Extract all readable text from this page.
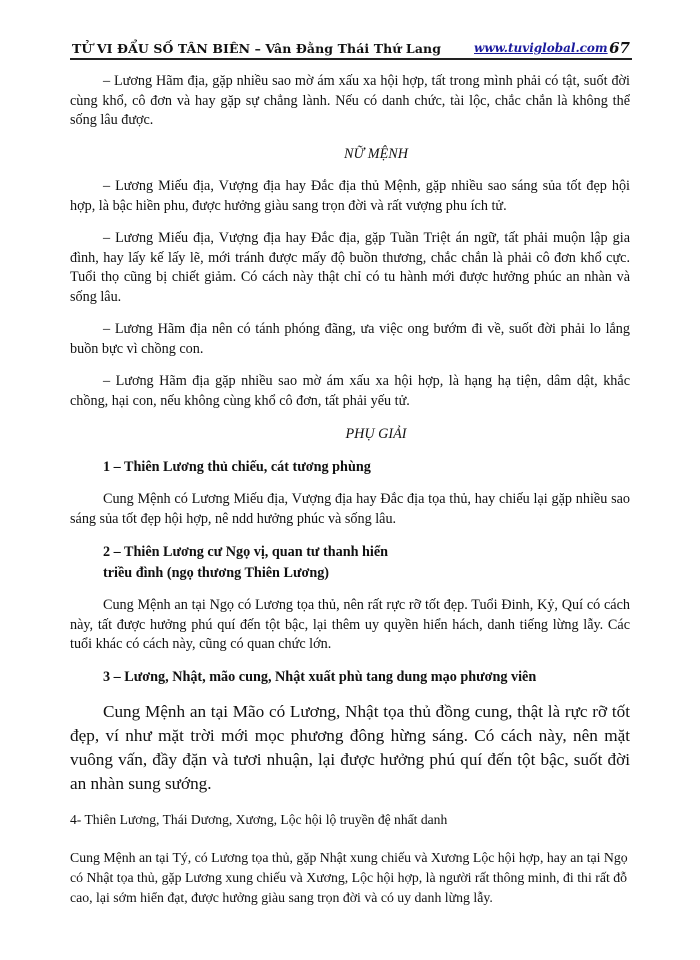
TỬ VI ĐẨU SỐ TÂN BIÊN – Vân Đằng Thái Thứ Lang	www.tuviglobal.com 67

– Lương Hãm địa, gặp nhiều sao mờ ám xấu xa hội hợp, tất trong mình phải có tật, suốt đời cùng khổ, cô đơn và hay gặp sự chẳng lành. Nếu có danh chức, tài lộc, chắc chắn là không thể sống lâu được.

NỮ MỆNH

– Lương Miếu địa, Vượng địa hay Đắc địa thủ Mệnh, gặp nhiều sao sáng sủa tốt đẹp hội hợp, là bậc hiền phu, được hưởng giàu sang trọn đời và rất vượng phu ích tử.

– Lương Miếu địa, Vượng địa hay Đắc địa, gặp Tuần Triệt án ngữ, tất phải muộn lập gia đình, hay lấy kế lấy lẽ, mới tránh được mấy độ buồn thương, chắc chắn là phải cô đơn khổ cực. Tuổi thọ cũng bị chiết giảm. Có cách này thật chỉ có tu hành mới được hưởng phúc an nhàn và sống lâu.

– Lương Hãm địa nên có tánh phóng đãng, ưa việc ong bướm đi về, suốt đời phải lo lắng buồn bực vì chồng con.

– Lương Hãm địa gặp nhiều sao mờ ám xấu xa hội hợp, là hạng hạ tiện, dâm dật, khắc chồng, hại con, nếu không cùng khổ cô đơn, tất phải yếu tử.

PHỤ GIẢI

1 – Thiên Lương thủ chiếu, cát tương phùng

Cung Mệnh có Lương Miếu địa, Vượng địa hay Đắc địa tọa thủ, hay chiếu lại gặp nhiều sao sáng sủa tốt đẹp hội hợp, nê ndd hưởng phúc và sống lâu.

2 – Thiên Lương cư Ngọ vị, quan tư thanh hiển
triều đình (ngọ thương Thiên Lương)

Cung Mệnh an tại Ngọ có Lương tọa thủ, nên rất rực rỡ tốt đẹp. Tuổi Đinh, Kỷ, Quí có cách này, tất được hưởng phú quí đến tột bậc, lại thêm uy quyền hiển hách, danh tiếng lừng lẫy. Các tuổi khác có cách này, cũng có quan chức lớn.

3 – Lương, Nhật, mão cung, Nhật xuất phù tang dung mạo phương viên

Cung Mệnh an tại Mão có Lương, Nhật tọa thủ đồng cung, thật là rực rỡ tốt đẹp, ví như mặt trời mới mọc phương đông hừng sáng. Có cách này, nên mặt vuông vấn, đầy đặn và tươi nhuận, lại được hưởng phú quí đến tột bậc, suốt đời an nhàn sung sướng.

4- Thiên Lương, Thái Dương, Xương, Lộc hội lộ truyền đệ nhất danh

Cung Mệnh an tại Tý, có Lương tọa thủ, gặp Nhật xung chiếu và Xương Lộc hội hợp, hay an tại Ngọ có Nhật tọa thủ, gặp Lương xung chiếu và Xương, Lộc hội hợp, là người rất thông minh, đi thi rất đỗ cao, lại sớm hiển đạt, được hưởng giàu sang trọn đời và có uy danh lừng lẫy.
